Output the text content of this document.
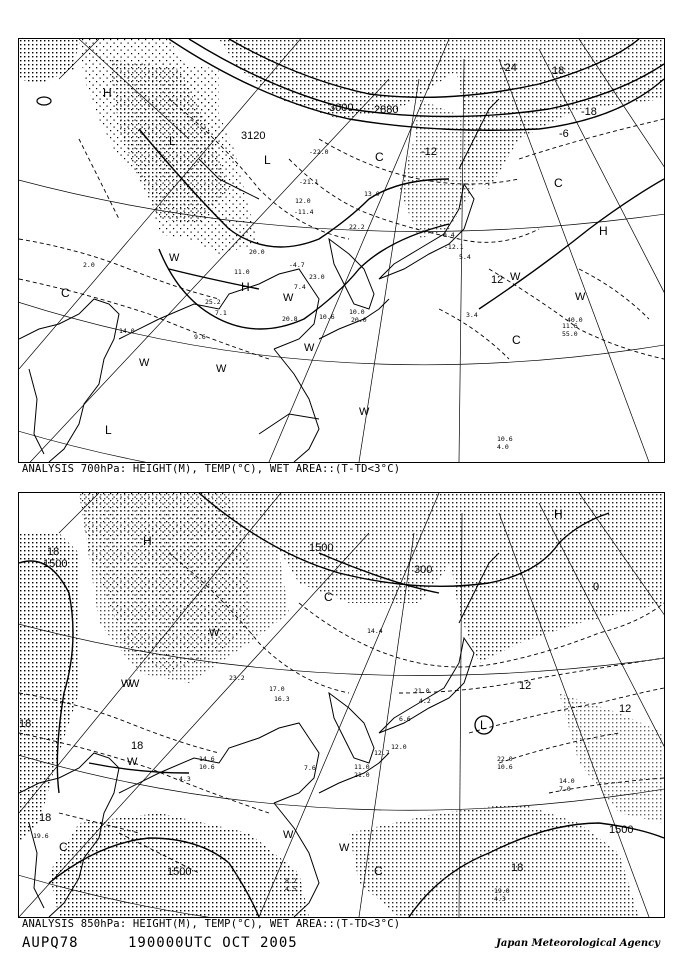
H
L
C
W
W
H
C
W
W
L
W
C
L
W
W
C
H
W
3120
3000 2880
-24
-18
-6
-12
12
18
-22.0
-21.1
-11.4
12.0
20.0
2.0
11.0
22.2
13.0
23.0
20.8
-4.7
-0.4
7.4
10.0
10.6
-12.1
5.4
25.2
7.1
9.6
40.0
20.0
3.4
11.6
14.0	55.0
10.6
4.0
ANALYSIS 700hPa: HEIGHT(M), TEMP(°C), WET AREA::(T-TD<3°C)
H
H
W
C
W
W
C
W
W
C
L
W
1500
1500
1500
1500
18
18
18
18
18
12
12
0
300
23.2
17.0
16.3
11.0
21.0
10.6
22.0
6.6
14.6
10.6
4.3
12.7
12.0
7.6
19.0
4.3
14.0
7.0
8.2
4.5
19.6
14.4
21.0
4.2
ANALYSIS 850hPa: HEIGHT(M), TEMP(°C), WET AREA::(T-TD<3°C)
AUPQ78	190000UTC OCT 2005	Japan Meteorological Agency
